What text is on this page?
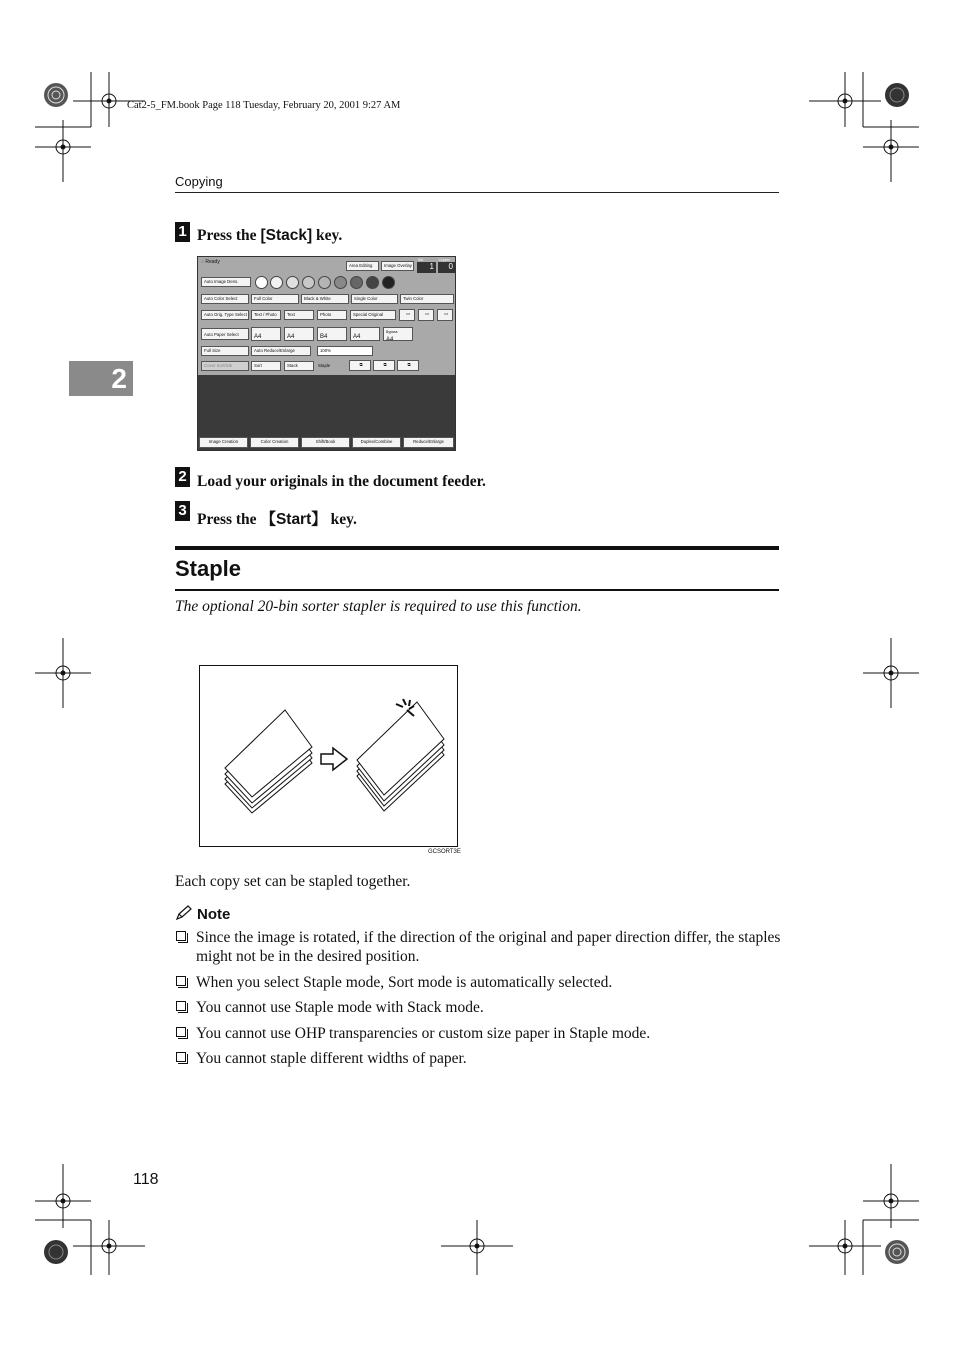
Cat2-5_FM.book Page 118 Tuesday, February 20, 2001 9:27 AM
Copying
2
1 Press the [Stack] key.
◌ Ready
Area Editing	Image Overlay
Set
1
Copies
0
Auto Image Dens.
Auto Color Select	Full Color	Black & White	Single Color	Twin Color
Auto Orig. Type Select	Text / Photo	Text	Photo	Special Original	▭	▭	▭
Auto Paper Select	A4	A4	B4	A4
Bypass
A4
Full Size	Auto Reduce/Enlarge	100%
Cover Sort/Stk	Sort	Stack	Staple	⧉	⧉	⧉
Image Creation	Color Creation	Shift/Book	Duplex/Combine	Reduce/Enlarge
2 Load your originals in the document feeder.
3
Press the 【Start】 key.
Staple
The optional 20-bin sorter stapler is required to use this function.
GCSORT3E
Each copy set can be stapled together.
Note
Since the image is rotated, if the direction of the original and paper direction differ, the staples might not be in the desired position.
When you select Staple mode, Sort mode is automatically selected.
You cannot use Staple mode with Stack mode.
You cannot use OHP transparencies or custom size paper in Staple mode.
You cannot staple different widths of paper.
118
